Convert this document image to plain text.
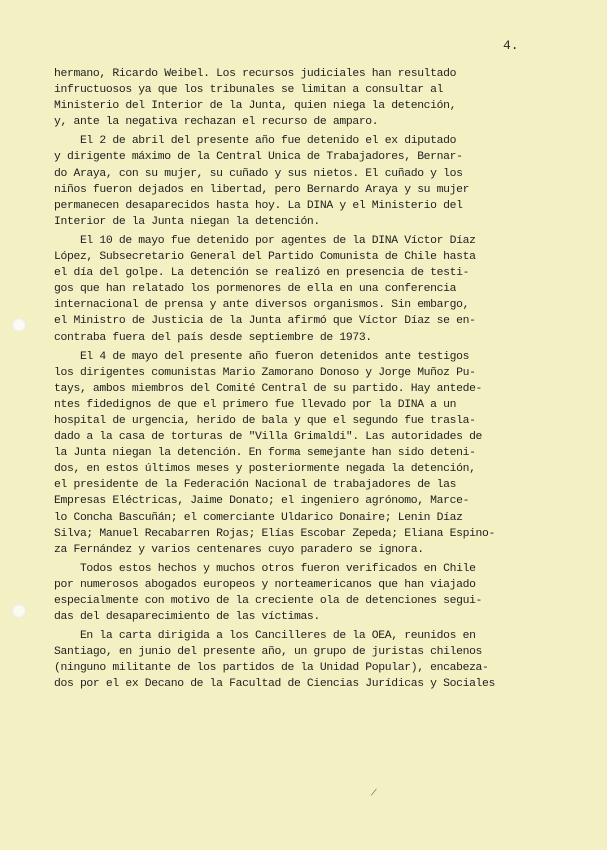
4.
hermano, Ricardo Weibel. Los recursos judiciales han resultado
infructuosos ya que los tribunales se limitan a consultar al
Ministerio del Interior de la Junta, quien niega la detención,
y, ante la negativa rechazan el recurso de amparo.
El 2 de abril del presente año fue detenido el ex diputado
y dirigente máximo de la Central Unica de Trabajadores, Bernar-
do Araya, con su mujer, su cuñado y sus nietos. El cuñado y los
niños fueron dejados en libertad, pero Bernardo Araya y su mujer
permanecen desaparecidos hasta hoy. La DINA y el Ministerio del
Interior de la Junta niegan la detención.
El 10 de mayo fue detenido por agentes de la DINA Víctor Díaz
López, Subsecretario General del Partido Comunista de Chile hasta
el día del golpe. La detención se realizó en presencia de testi-
gos que han relatado los pormenores de ella en una conferencia
internacional de prensa y ante diversos organismos. Sin embargo,
el Ministro de Justicia de la Junta afirmó que Víctor Díaz se en-
contraba fuera del país desde septiembre de 1973.
El 4 de mayo del presente año fueron detenidos ante testigos
los dirigentes comunistas Mario Zamorano Donoso y Jorge Muñoz Pu-
tays, ambos miembros del Comité Central de su partido. Hay antede-
ntes fidedignos de que el primero fue llevado por la DINA a un
hospital de urgencia, herido de bala y que el segundo fue trasla-
dado a la casa de torturas de "Villa Grimaldi". Las autoridades de
la Junta niegan la detención. En forma semejante han sido deteni-
dos, en estos últimos meses y posteriormente negada la detención,
el presidente de la Federación Nacional de trabajadores de las
Empresas Eléctricas, Jaime Donato; el ingeniero agrónomo, Marce-
lo Concha Bascuñán; el comerciante Uldarico Donaire; Lenin Díaz
Silva; Manuel Recabarren Rojas; Elías Escobar Zepeda; Eliana Espino-
za Fernández y varios centenares cuyo paradero se ignora.
Todos estos hechos y muchos otros fueron verificados en Chile
por numerosos abogados europeos y norteamericanos que han viajado
especialmente con motivo de la creciente ola de detenciones segui-
das del desaparecimiento de las víctimas.
En la carta dirigida a los Cancilleres de la OEA, reunidos en
Santiago, en junio del presente año, un grupo de juristas chilenos
(ninguno militante de los partidos de la Unidad Popular), encabeza-
dos por el ex Decano de la Facultad de Ciencias Jurídicas y Sociales
/
